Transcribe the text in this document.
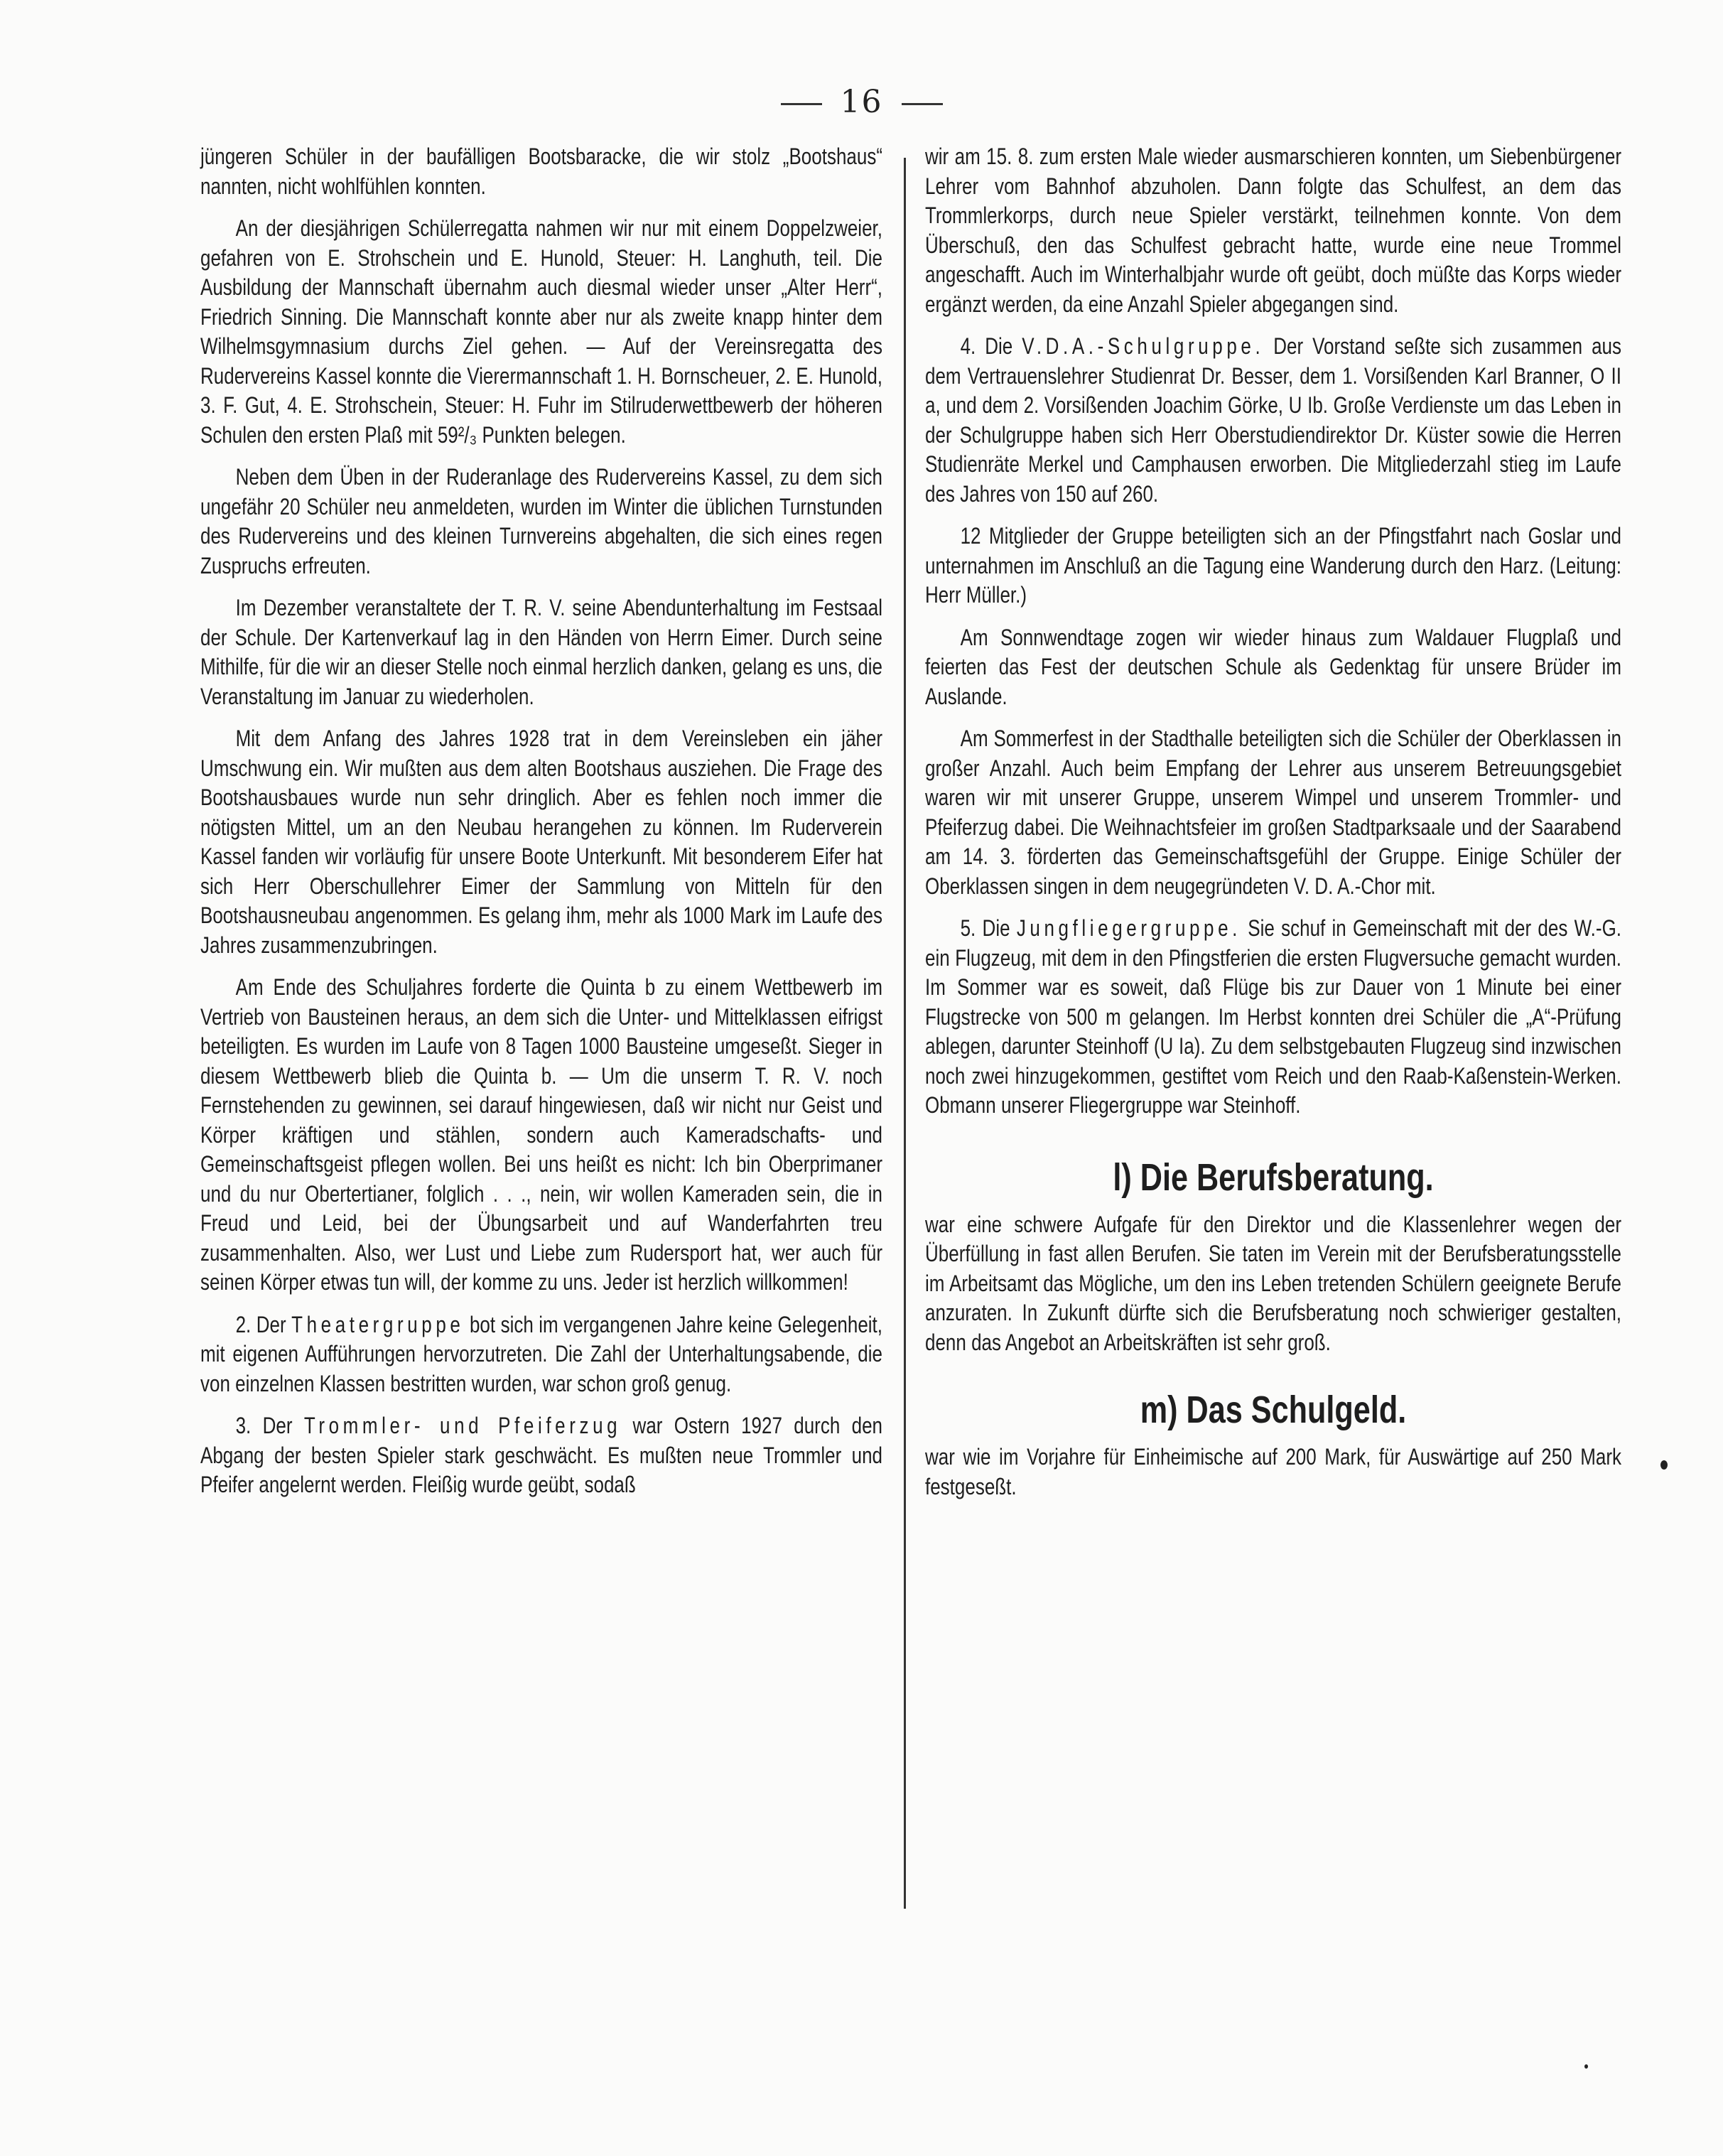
16

jüngeren Schüler in der baufälligen Bootsbaracke, die wir stolz „Bootshaus“ nannten, nicht wohlfühlen konnten.

An der diesjährigen Schülerregatta nahmen wir nur mit einem Doppelzweier, gefahren von E. Strohschein und E. Hunold, Steuer: H. Langhuth, teil. Die Ausbildung der Mannschaft übernahm auch diesmal wieder unser „Alter Herr“, Friedrich Sinning. Die Mannschaft konnte aber nur als zweite knapp hinter dem Wilhelmsgymnasium durchs Ziel gehen. — Auf der Vereinsregatta des Rudervereins Kassel konnte die Vierermannschaft 1. H. Bornscheuer, 2. E. Hunold, 3. F. Gut, 4. E. Strohschein, Steuer: H. Fuhr im Stilruderwettbewerb der höheren Schulen den ersten Plaß mit 59²/₃ Punkten belegen.

Neben dem Üben in der Ruderanlage des Rudervereins Kassel, zu dem sich ungefähr 20 Schüler neu anmeldeten, wurden im Winter die üblichen Turnstunden des Rudervereins und des kleinen Turnvereins abgehalten, die sich eines regen Zuspruchs erfreuten.

Im Dezember veranstaltete der T. R. V. seine Abendunterhaltung im Festsaal der Schule. Der Kartenverkauf lag in den Händen von Herrn Eimer. Durch seine Mithilfe, für die wir an dieser Stelle noch einmal herzlich danken, gelang es uns, die Veranstaltung im Januar zu wiederholen.

Mit dem Anfang des Jahres 1928 trat in dem Vereinsleben ein jäher Umschwung ein. Wir mußten aus dem alten Bootshaus ausziehen. Die Frage des Bootshausbaues wurde nun sehr dringlich. Aber es fehlen noch immer die nötigsten Mittel, um an den Neubau herangehen zu können. Im Ruderverein Kassel fanden wir vorläufig für unsere Boote Unterkunft. Mit besonderem Eifer hat sich Herr Oberschullehrer Eimer der Sammlung von Mitteln für den Bootshausneubau angenommen. Es gelang ihm, mehr als 1000 Mark im Laufe des Jahres zusammenzubringen.

Am Ende des Schuljahres forderte die Quinta b zu einem Wettbewerb im Vertrieb von Bausteinen heraus, an dem sich die Unter- und Mittelklassen eifrigst beteiligten. Es wurden im Laufe von 8 Tagen 1000 Bausteine umgeseßt. Sieger in diesem Wettbewerb blieb die Quinta b. — Um die unserm T. R. V. noch Fernstehenden zu gewinnen, sei darauf hingewiesen, daß wir nicht nur Geist und Körper kräftigen und stählen, sondern auch Kameradschafts- und Gemeinschaftsgeist pflegen wollen. Bei uns heißt es nicht: Ich bin Oberprimaner und du nur Obertertianer, folglich . . ., nein, wir wollen Kameraden sein, die in Freud und Leid, bei der Übungsarbeit und auf Wanderfahrten treu zusammenhalten. Also, wer Lust und Liebe zum Rudersport hat, wer auch für seinen Körper etwas tun will, der komme zu uns. Jeder ist herzlich willkommen!

2. Der Theatergruppe bot sich im vergangenen Jahre keine Gelegenheit, mit eigenen Aufführungen hervorzutreten. Die Zahl der Unterhaltungsabende, die von einzelnen Klassen bestritten wurden, war schon groß genug.

3. Der Trommler- und Pfeiferzug war Ostern 1927 durch den Abgang der besten Spieler stark geschwächt. Es mußten neue Trommler und Pfeifer angelernt werden. Fleißig wurde geübt, sodaß

wir am 15. 8. zum ersten Male wieder ausmarschieren konnten, um Siebenbürgener Lehrer vom Bahnhof abzuholen. Dann folgte das Schulfest, an dem das Trommlerkorps, durch neue Spieler verstärkt, teilnehmen konnte. Von dem Überschuß, den das Schulfest gebracht hatte, wurde eine neue Trommel angeschafft. Auch im Winterhalbjahr wurde oft geübt, doch müßte das Korps wieder ergänzt werden, da eine Anzahl Spieler abgegangen sind.

4. Die V.D.A.-Schulgruppe. Der Vorstand seßte sich zusammen aus dem Vertrauenslehrer Studienrat Dr. Besser, dem 1. Vorsißenden Karl Branner, O II a, und dem 2. Vorsißenden Joachim Görke, U Ib. Große Verdienste um das Leben in der Schulgruppe haben sich Herr Oberstudiendirektor Dr. Küster sowie die Herren Studienräte Merkel und Camphausen erworben. Die Mitgliederzahl stieg im Laufe des Jahres von 150 auf 260.

12 Mitglieder der Gruppe beteiligten sich an der Pfingstfahrt nach Goslar und unternahmen im Anschluß an die Tagung eine Wanderung durch den Harz. (Leitung: Herr Müller.)

Am Sonnwendtage zogen wir wieder hinaus zum Waldauer Flugplaß und feierten das Fest der deutschen Schule als Gedenktag für unsere Brüder im Auslande.

Am Sommerfest in der Stadthalle beteiligten sich die Schüler der Oberklassen in großer Anzahl. Auch beim Empfang der Lehrer aus unserem Betreuungsgebiet waren wir mit unserer Gruppe, unserem Wimpel und unserem Trommler- und Pfeiferzug dabei. Die Weihnachtsfeier im großen Stadtparksaale und der Saarabend am 14. 3. förderten das Gemeinschaftsgefühl der Gruppe. Einige Schüler der Oberklassen singen in dem neugegründeten V. D. A.-Chor mit.

5. Die Jungfliegergruppe. Sie schuf in Gemeinschaft mit der des W.-G. ein Flugzeug, mit dem in den Pfingstferien die ersten Flugversuche gemacht wurden. Im Sommer war es soweit, daß Flüge bis zur Dauer von 1 Minute bei einer Flugstrecke von 500 m gelangen. Im Herbst konnten drei Schüler die „A“-Prüfung ablegen, darunter Steinhoff (U Ia). Zu dem selbstgebauten Flugzeug sind inzwischen noch zwei hinzugekommen, gestiftet vom Reich und den Raab-Kaßenstein-Werken. Obmann unserer Fliegergruppe war Steinhoff.

l) Die Berufsberatung.

war eine schwere Aufgafe für den Direktor und die Klassenlehrer wegen der Überfüllung in fast allen Berufen. Sie taten im Verein mit der Berufsberatungsstelle im Arbeitsamt das Mögliche, um den ins Leben tretenden Schülern geeignete Berufe anzuraten. In Zukunft dürfte sich die Berufsberatung noch schwieriger gestalten, denn das Angebot an Arbeitskräften ist sehr groß.

m) Das Schulgeld.

war wie im Vorjahre für Einheimische auf 200 Mark, für Auswärtige auf 250 Mark festgeseßt.
